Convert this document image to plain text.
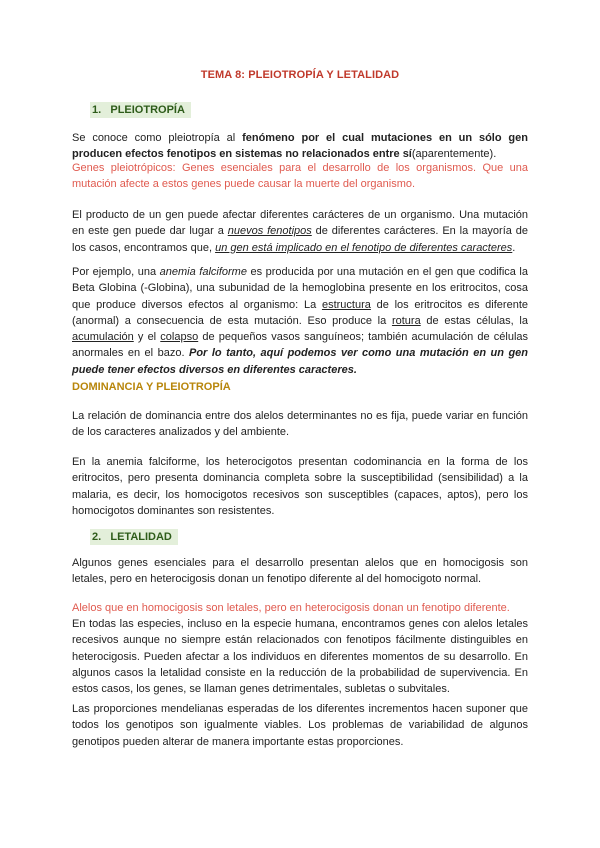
TEMA 8: PLEIOTROPÍA Y LETALIDAD
1. PLEIOTROPÍA

Se conoce como pleiotropía al fenómeno por el cual mutaciones en un sólo gen producen efectos fenotipos en sistemas no relacionados entre sí(aparentemente).

Genes pleiotrópicos: Genes esenciales para el desarrollo de los organismos. Que una mutación afecte a estos genes puede causar la muerte del organismo.

El producto de un gen puede afectar diferentes carácteres de un organismo. Una mutación en este gen puede dar lugar a nuevos fenotipos de diferentes carácteres. En la mayoría de los casos, encontramos que, un gen está implicado en el fenotipo de diferentes caracteres.

Por ejemplo, una anemia falciforme es producida por una mutación en el gen que codifica la Beta Globina (-Globina), una subunidad de la hemoglobina presente en los eritrocitos, cosa que produce diversos efectos al organismo: La estructura de los eritrocitos es diferente (anormal) a consecuencia de esta mutación. Eso produce la rotura de estas células, la acumulación y el colapso de pequeños vasos sanguíneos; también acumulación de células anormales en el bazo. Por lo tanto, aquí podemos ver como una mutación en un gen puede tener efectos diversos en diferentes caracteres.

DOMINANCIA Y PLEIOTROPÍA

La relación de dominancia entre dos alelos determinantes no es fija, puede variar en función de los caracteres analizados y del ambiente.

En la anemia falciforme, los heterocigotos presentan codominancia en la forma de los eritrocitos, pero presenta dominancia completa sobre la susceptibilidad (sensibilidad) a la malaria, es decir, los homocigotos recesivos son susceptibles (capaces, aptos), pero los homocigotos dominantes son resistentes.

2. LETALIDAD

Algunos genes esenciales para el desarrollo presentan alelos que en homocigosis son letales, pero en heterocigosis donan un fenotipo diferente al del homocigoto normal.

Alelos que en homocigosis son letales, pero en heterocigosis donan un fenotipo diferente.

En todas las especies, incluso en la especie humana, encontramos genes con alelos letales recesivos aunque no siempre están relacionados con fenotipos fácilmente distinguibles en heterocigosis. Pueden afectar a los individuos en diferentes momentos de su desarrollo. En algunos casos la letalidad consiste en la reducción de la probabilidad de supervivencia. En estos casos, los genes, se llaman genes detrimentales, subletas o subvitales.

Las proporciones mendelianas esperadas de los diferentes incrementos hacen suponer que todos los genotipos son igualmente viables. Los problemas de variabilidad de algunos genotipos pueden alterar de manera importante estas proporciones.
